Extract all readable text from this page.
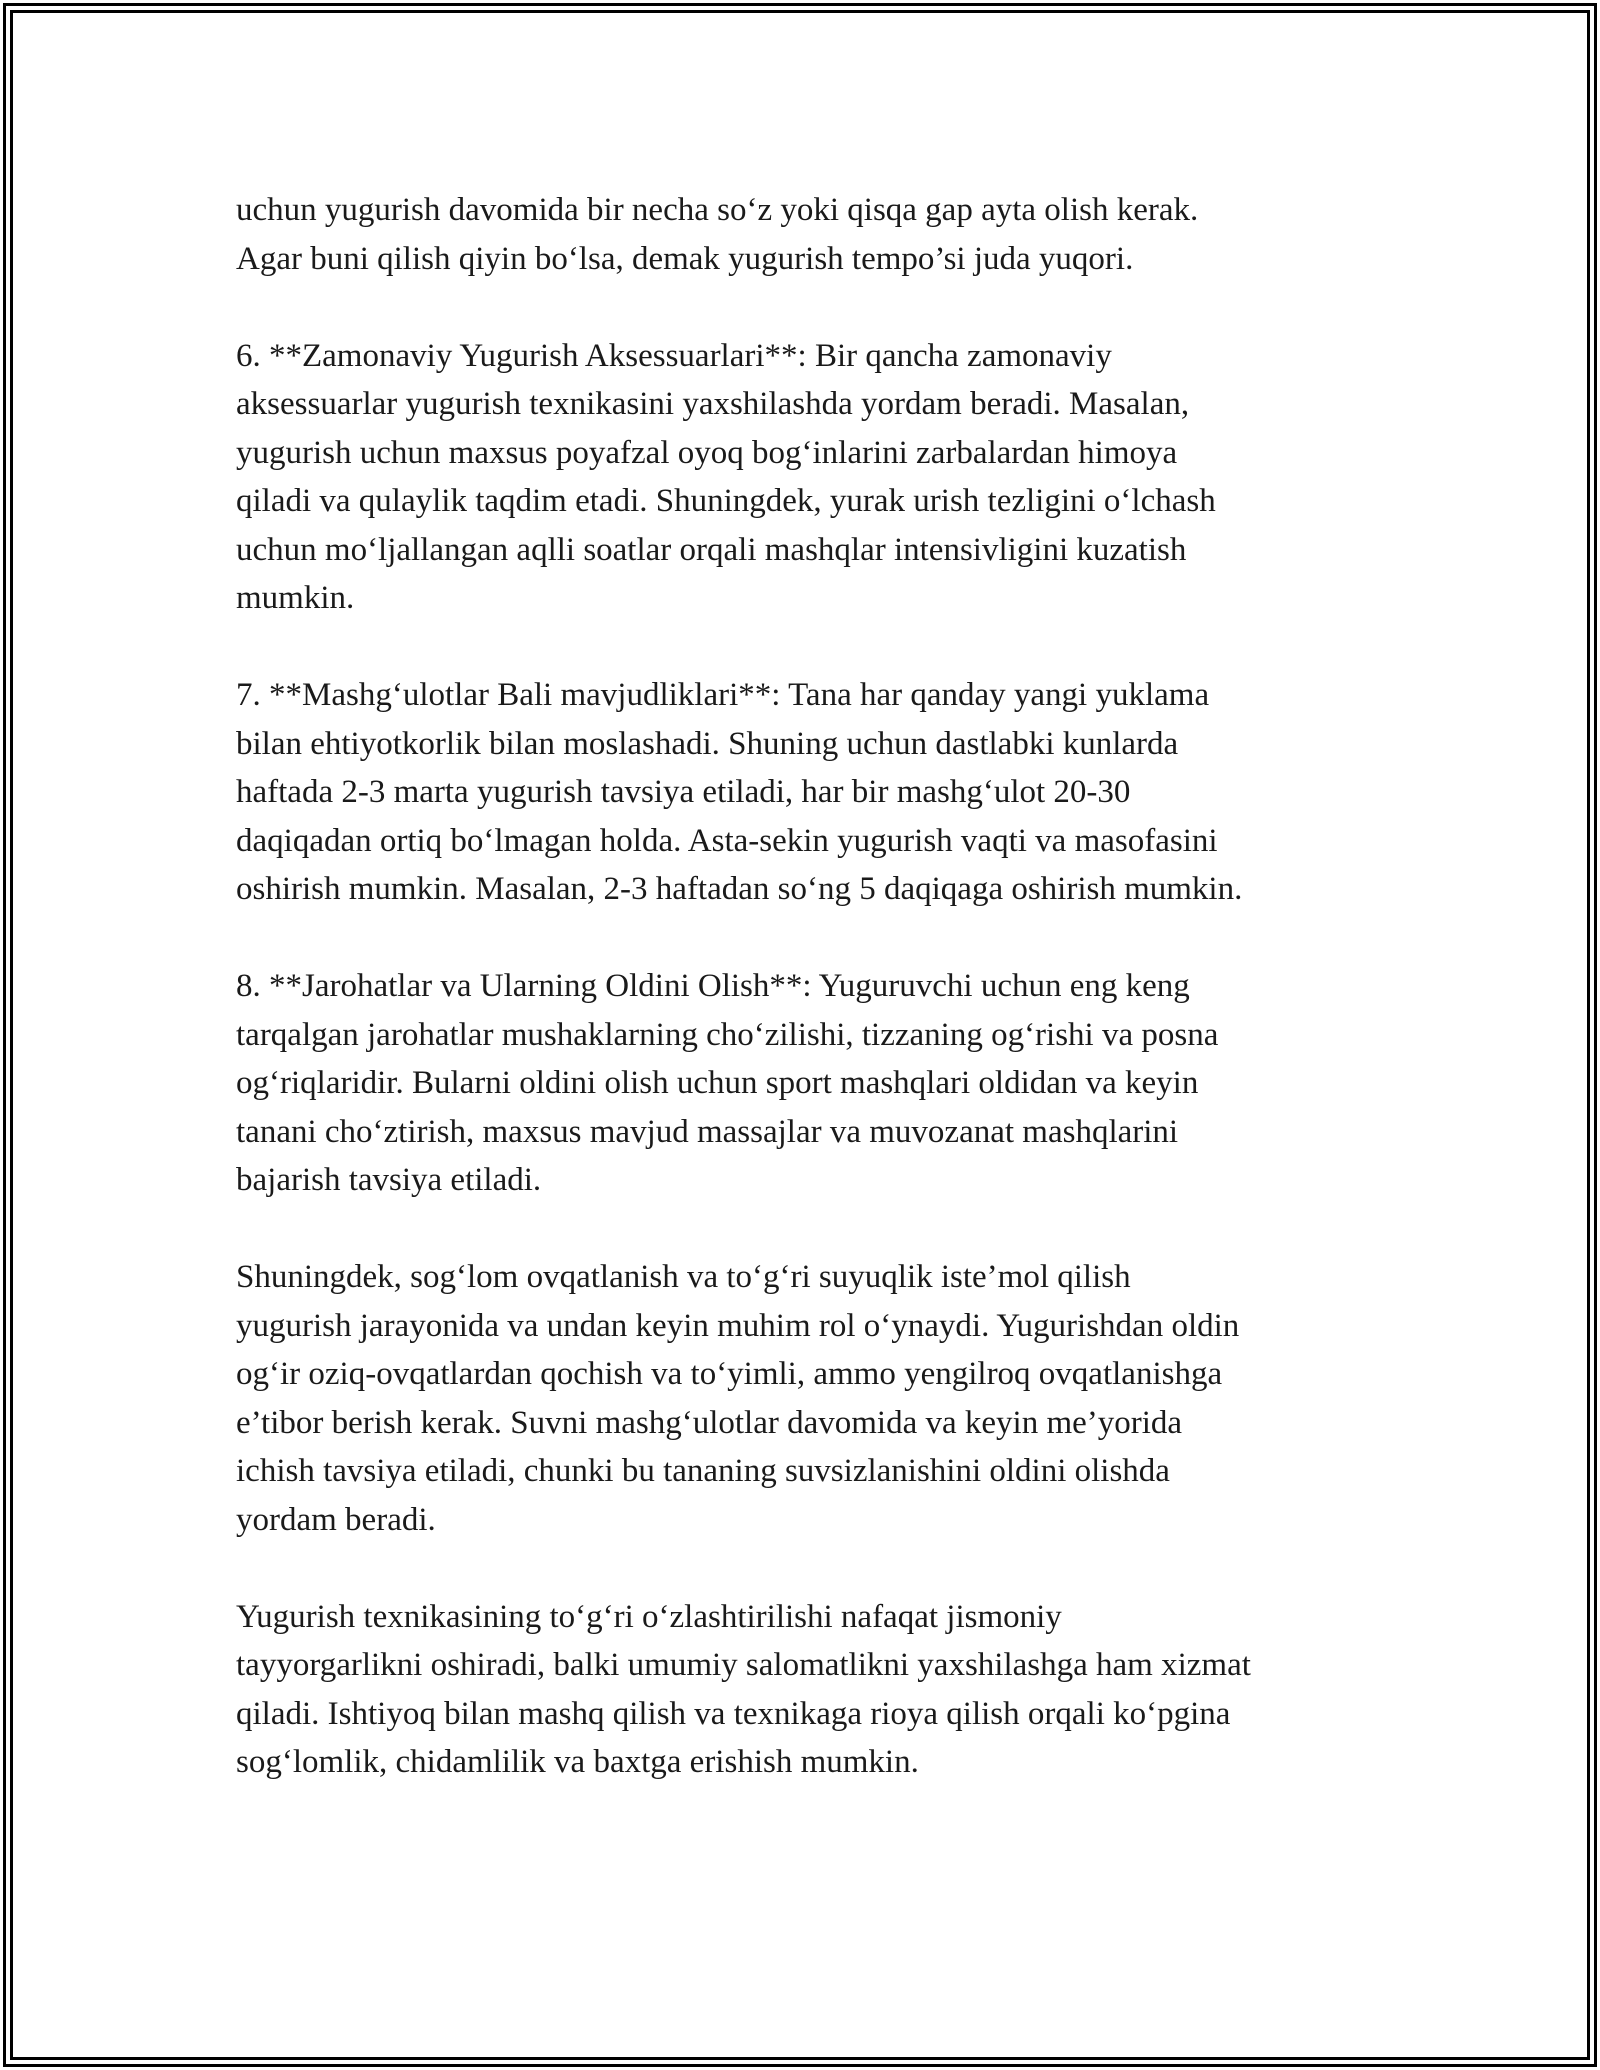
uchun yugurish davomida bir necha so‘z yoki qisqa gap ayta olish kerak.
Agar buni qilish qiyin bo‘lsa, demak yugurish tempo’si juda yuqori.

6. **Zamonaviy Yugurish Aksessuarlari**: Bir qancha zamonaviy
aksessuarlar yugurish texnikasini yaxshilashda yordam beradi. Masalan,
yugurish uchun maxsus poyafzal oyoq bog‘inlarini zarbalardan himoya
qiladi va qulaylik taqdim etadi. Shuningdek, yurak urish tezligini o‘lchash
uchun mo‘ljallangan aqlli soatlar orqali mashqlar intensivligini kuzatish
mumkin.

7. **Mashg‘ulotlar Bali mavjudliklari**: Tana har qanday yangi yuklama
bilan ehtiyotkorlik bilan moslashadi. Shuning uchun dastlabki kunlarda
haftada 2-3 marta yugurish tavsiya etiladi, har bir mashg‘ulot 20-30
daqiqadan ortiq bo‘lmagan holda. Asta-sekin yugurish vaqti va masofasini
oshirish mumkin. Masalan, 2-3 haftadan so‘ng 5 daqiqaga oshirish mumkin.

8. **Jarohatlar va Ularning Oldini Olish**: Yuguruvchi uchun eng keng
tarqalgan jarohatlar mushaklarning cho‘zilishi, tizzaning og‘rishi va posna
og‘riqlaridir. Bularni oldini olish uchun sport mashqlari oldidan va keyin
tanani cho‘ztirish, maxsus mavjud massajlar va muvozanat mashqlarini
bajarish tavsiya etiladi.

Shuningdek, sog‘lom ovqatlanish va to‘g‘ri suyuqlik iste’mol qilish
yugurish jarayonida va undan keyin muhim rol o‘ynaydi. Yugurishdan oldin
og‘ir oziq-ovqatlardan qochish va to‘yimli, ammo yengilroq ovqatlanishga
e’tibor berish kerak. Suvni mashg‘ulotlar davomida va keyin me’yorida
ichish tavsiya etiladi, chunki bu tananing suvsizlanishini oldini olishda
yordam beradi.

Yugurish texnikasining to‘g‘ri o‘zlashtirilishi nafaqat jismoniy
tayyorgarlikni oshiradi, balki umumiy salomatlikni yaxshilashga ham xizmat
qiladi. Ishtiyoq bilan mashq qilish va texnikaga rioya qilish orqali ko‘pgina
sog‘lomlik, chidamlilik va baxtga erishish mumkin.
